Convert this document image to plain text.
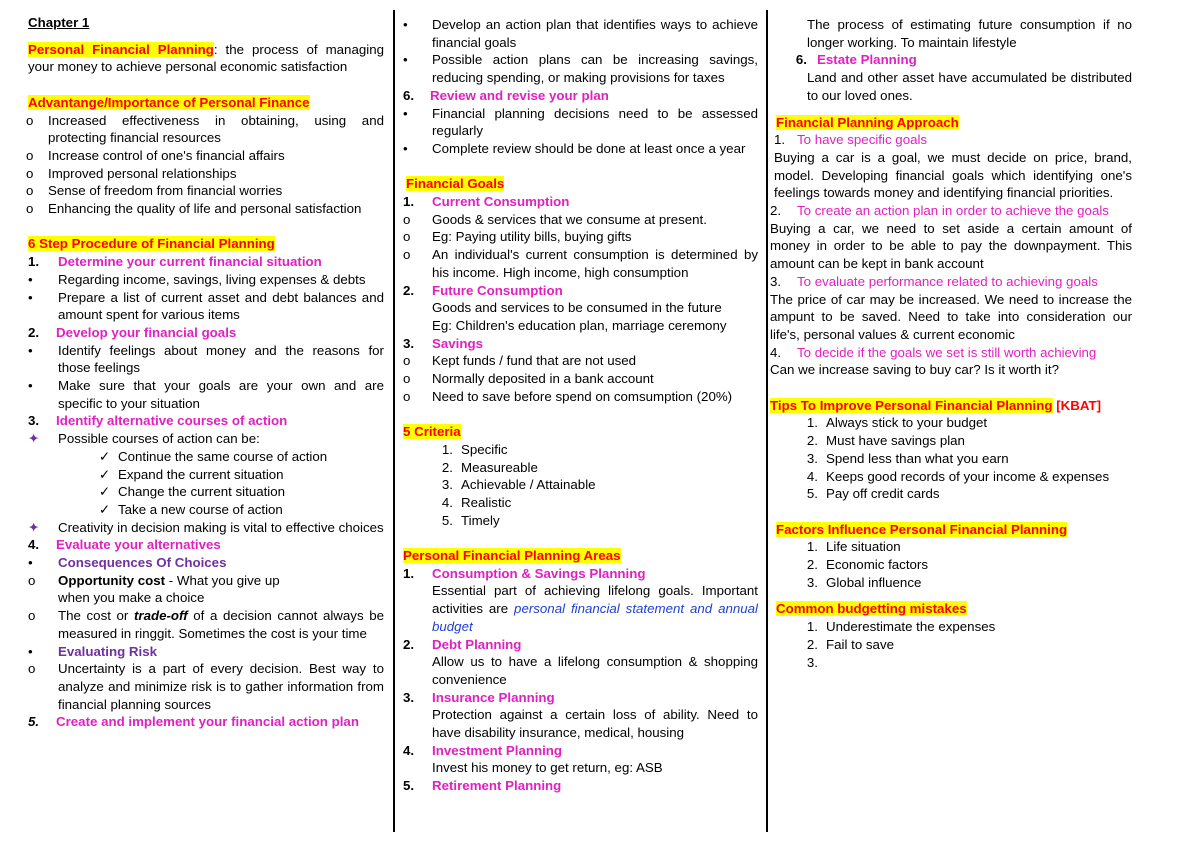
Chapter 1
Personal Financial Planning: the process of managing your money to achieve personal economic satisfaction
Advantange/Importance of Personal Finance
o	Increased effectiveness in obtaining, using and protecting financial resources
o	Increase control of one's financial affairs
o	Improved personal relationships
o	Sense of freedom from financial worries
o	Enhancing the quality of life and personal satisfaction
6 Step Procedure of Financial Planning
1.	Determine your current financial situation
•	Regarding income, savings, living expenses & debts
•	Prepare a list of current asset and debt balances and amount spent for various items
2.	Develop your financial goals
•	Identify feelings about money and the reasons for those feelings
•	Make sure that your goals are your own and are specific to your situation
3.	Identify alternative courses of action
✦	Possible courses of action can be:
✓ Continue the same course of action
✓ Expand the current situation
✓ Change the current situation
✓ Take a new course of action
✦	Creativity in decision making is vital to effective choices
4.	Evaluate your alternatives
•	Consequences Of Choices
o	Opportunity cost - What you give up
when you make a choice
o	The cost or trade-off of a decision cannot always be measured in ringgit. Sometimes the cost is your time
•	Evaluating Risk
o	Uncertainty is a part of every decision. Best way to analyze and minimize risk is to gather information from financial planning sources
5.	Create and implement your financial action plan
•	Develop an action plan that identifies ways to achieve financial goals
•	Possible action plans can be increasing savings, reducing spending, or making provisions for taxes
6.	Review and revise your plan
•	Financial planning decisions need to be assessed regularly
•	Complete review should be done at least once a year
Financial Goals
1.	Current Consumption
o	Goods & services that we consume at present.
o	Eg: Paying utility bills, buying gifts
o	An individual's current consumption is determined by his income. High income, high consumption
2.	Future Consumption
Goods and services to be consumed in the future
Eg: Children's education plan, marriage ceremony
3.	Savings
o	Kept funds / fund that are not used
o	Normally deposited in a bank account
o	Need to save before spend on comsumption (20%)
5 Criteria
1. Specific
2. Measureable
3. Achievable / Attainable
4. Realistic
5. Timely
Personal Financial Planning Areas
1.	Consumption & Savings Planning
Essential part of achieving lifelong goals. Important activities are personal financial statement and annual budget
2.	Debt Planning
Allow us to have a lifelong consumption & shopping convenience
3.	Insurance Planning
Protection against a certain loss of ability. Need to have disability insurance, medical, housing
4.	Investment Planning
Invest his money to get return, eg: ASB
5.	Retirement Planning
The process of estimating future consumption if no longer working. To maintain lifestyle
6. Estate Planning
Land and other asset have accumulated be distributed to our loved ones.
Financial Planning Approach
1. To have specific goals
Buying a car is a goal, we must decide on price, brand, model. Developing financial goals which identifying one's feelings towards money and identifying financial priorities.
2.	To create an action plan in order to achieve the goals
Buying a car, we need to set aside a certain amount of money in order to be able to pay the downpayment. This amount can be kept in bank account
3.	To evaluate performance related to achieving goals
The price of car may be increased. We need to increase the ampunt to be saved. Need to take into consideration our life's, personal values & current economic
4.	To decide if the goals we set is still worth achieving
Can we increase saving to buy car? Is it worth it?
Tips To Improve Personal Financial Planning [KBAT]
1. Always stick to your budget
2. Must have savings plan
3. Spend less than what you earn
4. Keeps good records of your income & expenses
5. Pay off credit cards
Factors Influence Personal Financial Planning
1. Life situation
2. Economic factors
3. Global influence
Common budgetting mistakes
1. Underestimate the expenses
2. Fail to save
3.
